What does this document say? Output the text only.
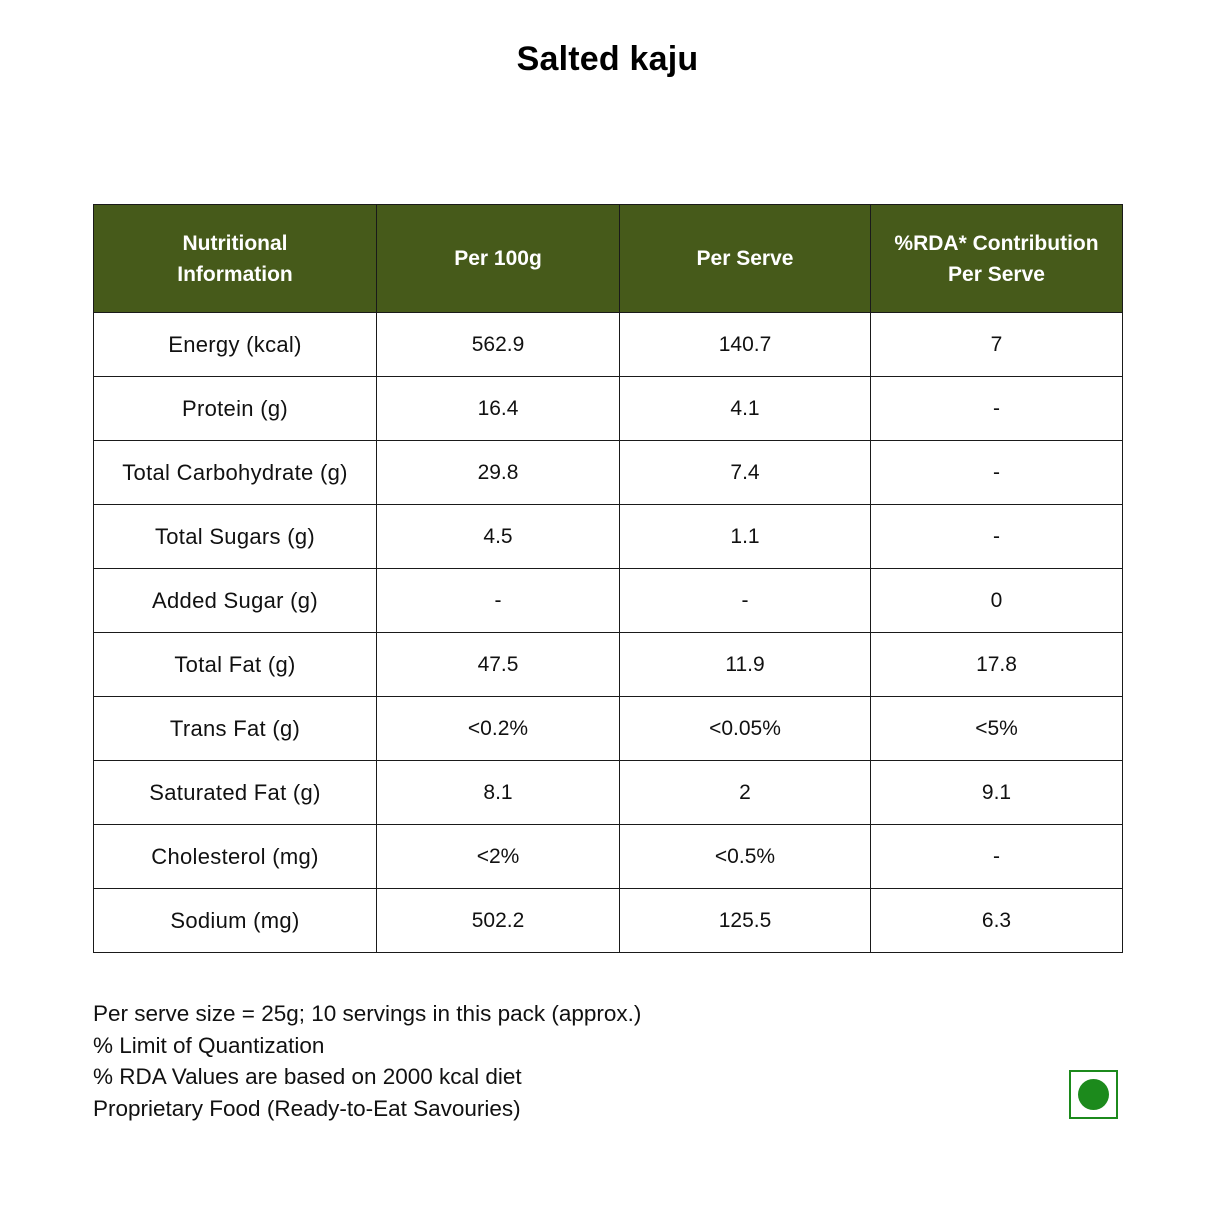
Salted kaju
Nutritional
Information	Per 100g	Per Serve	%RDA* Contribution
Per Serve
Energy (kcal)	562.9	140.7	7
Protein (g)	16.4	4.1	-
Total Carbohydrate (g)	29.8	7.4	-
Total Sugars (g)	4.5	1.1	-
Added Sugar (g)	-	-	0
Total Fat (g)	47.5	11.9	17.8
Trans Fat (g)	<0.2%	<0.05%	<5%
Saturated Fat (g)	8.1	2	9.1
Cholesterol (mg)	<2%	<0.5%	-
Sodium (mg)	502.2	125.5	6.3
Per serve size = 25g; 10 servings in this pack (approx.)
% Limit of Quantization
% RDA Values are based on 2000 kcal diet
Proprietary Food (Ready-to-Eat Savouries)
